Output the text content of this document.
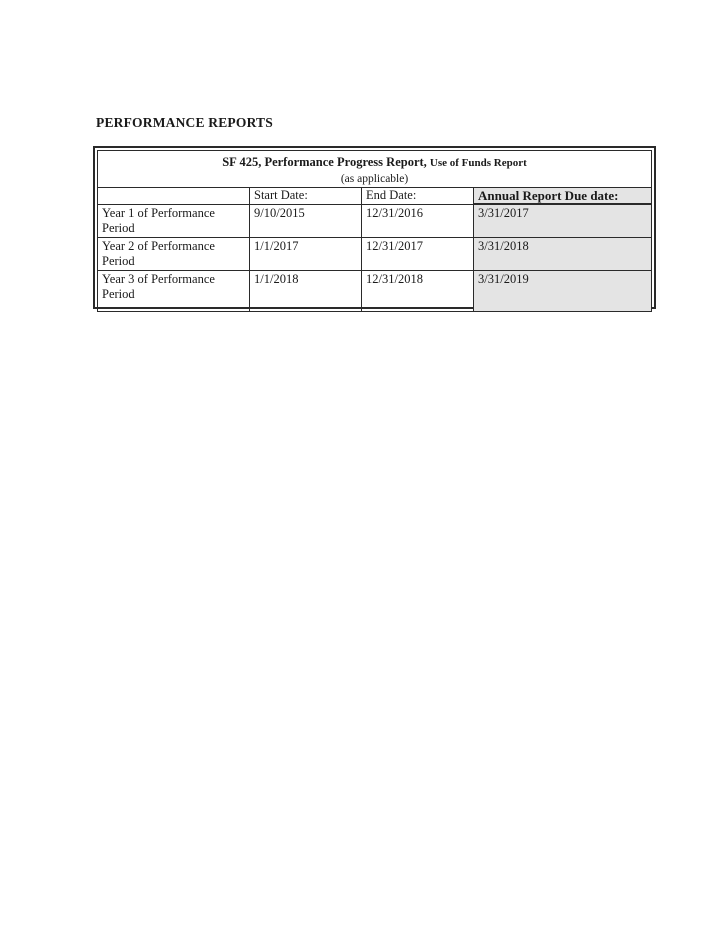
PERFORMANCE REPORTS
SF 425, Performance Progress Report, Use of Funds Report
(as applicable)			
	Start Date:	End Date:	Annual Report Due date:
Year 1 of Performance Period	9/10/2015	12/31/2016	3/31/2017
Year 2 of Performance Period	1/1/2017	12/31/2017	3/31/2018
Year 3 of Performance Period	1/1/2018	12/31/2018	3/31/2019
